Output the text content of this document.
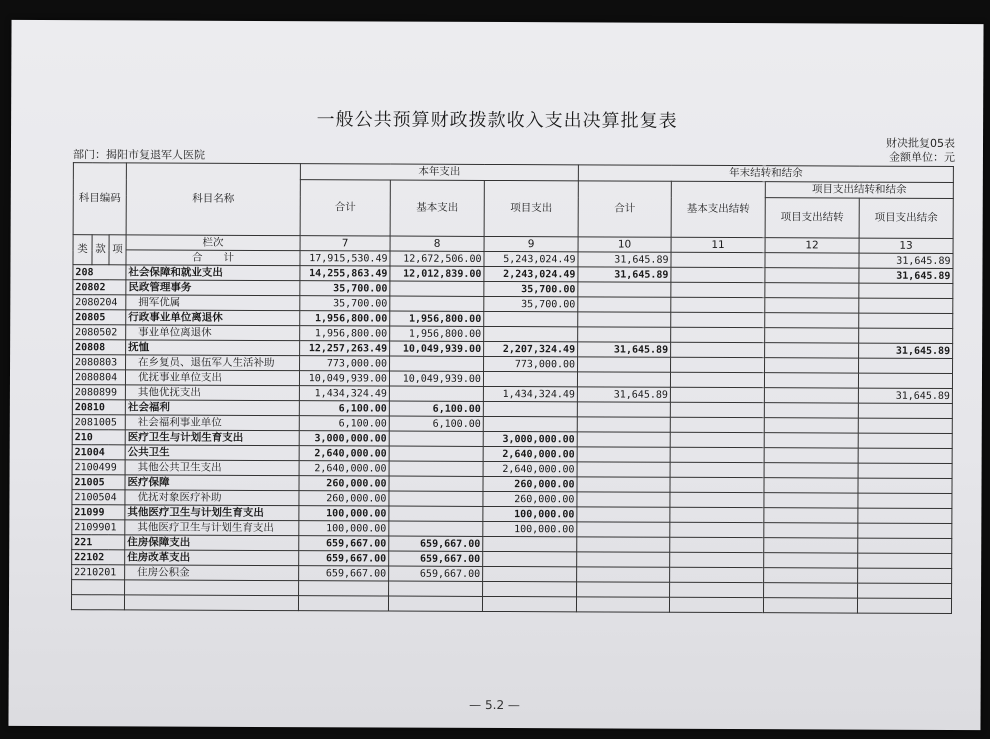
一般公共预算财政拨款收入支出决算批复表
部门：揭阳市复退军人医院
财决批复05表
金额单位：元
科目编码			科目名称	本年支出			年末结转和结余			
				合计	基本支出	项目支出	合计	基本支出结转	项目支出结转和结余	
									项目支出结转	项目支出结余
类	款	项	栏次	7	8	9	10	11	12	13
			合　　计	17,915,530.49	12,672,506.00	5,243,024.49	31,645.89			31,645.89
208			社会保障和就业支出	14,255,863.49	12,012,839.00	2,243,024.49	31,645.89			31,645.89
20802			民政管理事务	35,700.00		35,700.00				
2080204			拥军优属	35,700.00		35,700.00				
20805			行政事业单位离退休	1,956,800.00	1,956,800.00					
2080502			事业单位离退休	1,956,800.00	1,956,800.00					
20808			抚恤	12,257,263.49	10,049,939.00	2,207,324.49	31,645.89			31,645.89
2080803			在乡复员、退伍军人生活补助	773,000.00		773,000.00				
2080804			优抚事业单位支出	10,049,939.00	10,049,939.00					
2080899			其他优抚支出	1,434,324.49		1,434,324.49	31,645.89			31,645.89
20810			社会福利	6,100.00	6,100.00					
2081005			社会福利事业单位	6,100.00	6,100.00					
210			医疗卫生与计划生育支出	3,000,000.00		3,000,000.00				
21004			公共卫生	2,640,000.00		2,640,000.00				
2100499			其他公共卫生支出	2,640,000.00		2,640,000.00				
21005			医疗保障	260,000.00		260,000.00				
2100504			优抚对象医疗补助	260,000.00		260,000.00				
21099			其他医疗卫生与计划生育支出	100,000.00		100,000.00				
2109901			其他医疗卫生与计划生育支出	100,000.00		100,000.00				
221			住房保障支出	659,667.00	659,667.00					
22102			住房改革支出	659,667.00	659,667.00					
2210201			住房公积金	659,667.00	659,667.00					

— 5.2 —
